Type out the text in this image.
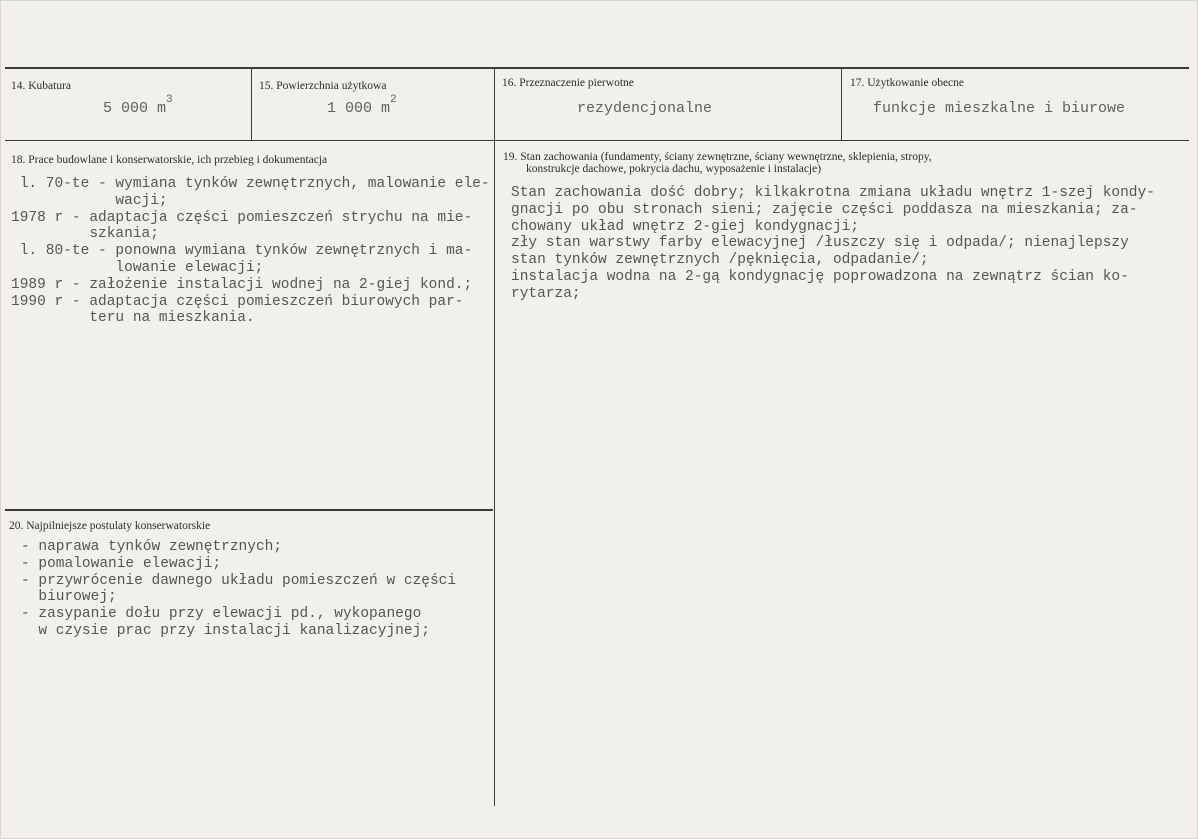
14. Kubatura
5 000 $m^3$
15. Powierzchnia użytkowa
1 000 $m^2$
16. Przeznaczenie pierwotne
rezydencjonalne
17. Użytkowanie obecne
funkcje mieszkalne i biurowe
18. Prace budowlane i konserwatorskie, ich przebieg i dokumentacja
l. 70-te - wymiana tynków zewnętrznych, malowanie ele-
wacji;
1978 r - adaptacja części pomieszczeń strychu na mie-
szkania;
l. 80-te - ponowna wymiana tynków zewnętrznych i ma-
lowanie elewacji;
1989 r - założenie instalacji wodnej na 2-giej kond.;
1990 r - adaptacja części pomieszczeń biurowych par-
teru na mieszkania.
19. Stan zachowania (fundamenty, ściany zewnętrzne, ściany wewnętrzne, sklepienia, stropy,
konstrukcje dachowe, pokrycia dachu, wyposażenie i instalacje)
Stan zachowania dość dobry; kilkakrotna zmiana układu wnętrz 1-szej kondy-
gnacji po obu stronach sieni; zajęcie części poddasza na mieszkania; za-
chowany układ wnętrz 2-giej kondygnacji;
zły stan warstwy farby elewacyjnej /łuszczy się i odpada/; nienajlepszy
stan tynków zewnętrznych /pęknięcia, odpadanie/;
instalacja wodna na 2-gą kondygnację poprowadzona na zewnątrz ścian ko-
rytarza;
20. Najpilniejsze postulaty konserwatorskie
- naprawa tynków zewnętrznych;
- pomalowanie elewacji;
- przywrócenie dawnego układu pomieszczeń w części
biurowej;
- zasypanie dołu przy elewacji pd., wykopanego
w czysie prac przy instalacji kanalizacyjnej;
